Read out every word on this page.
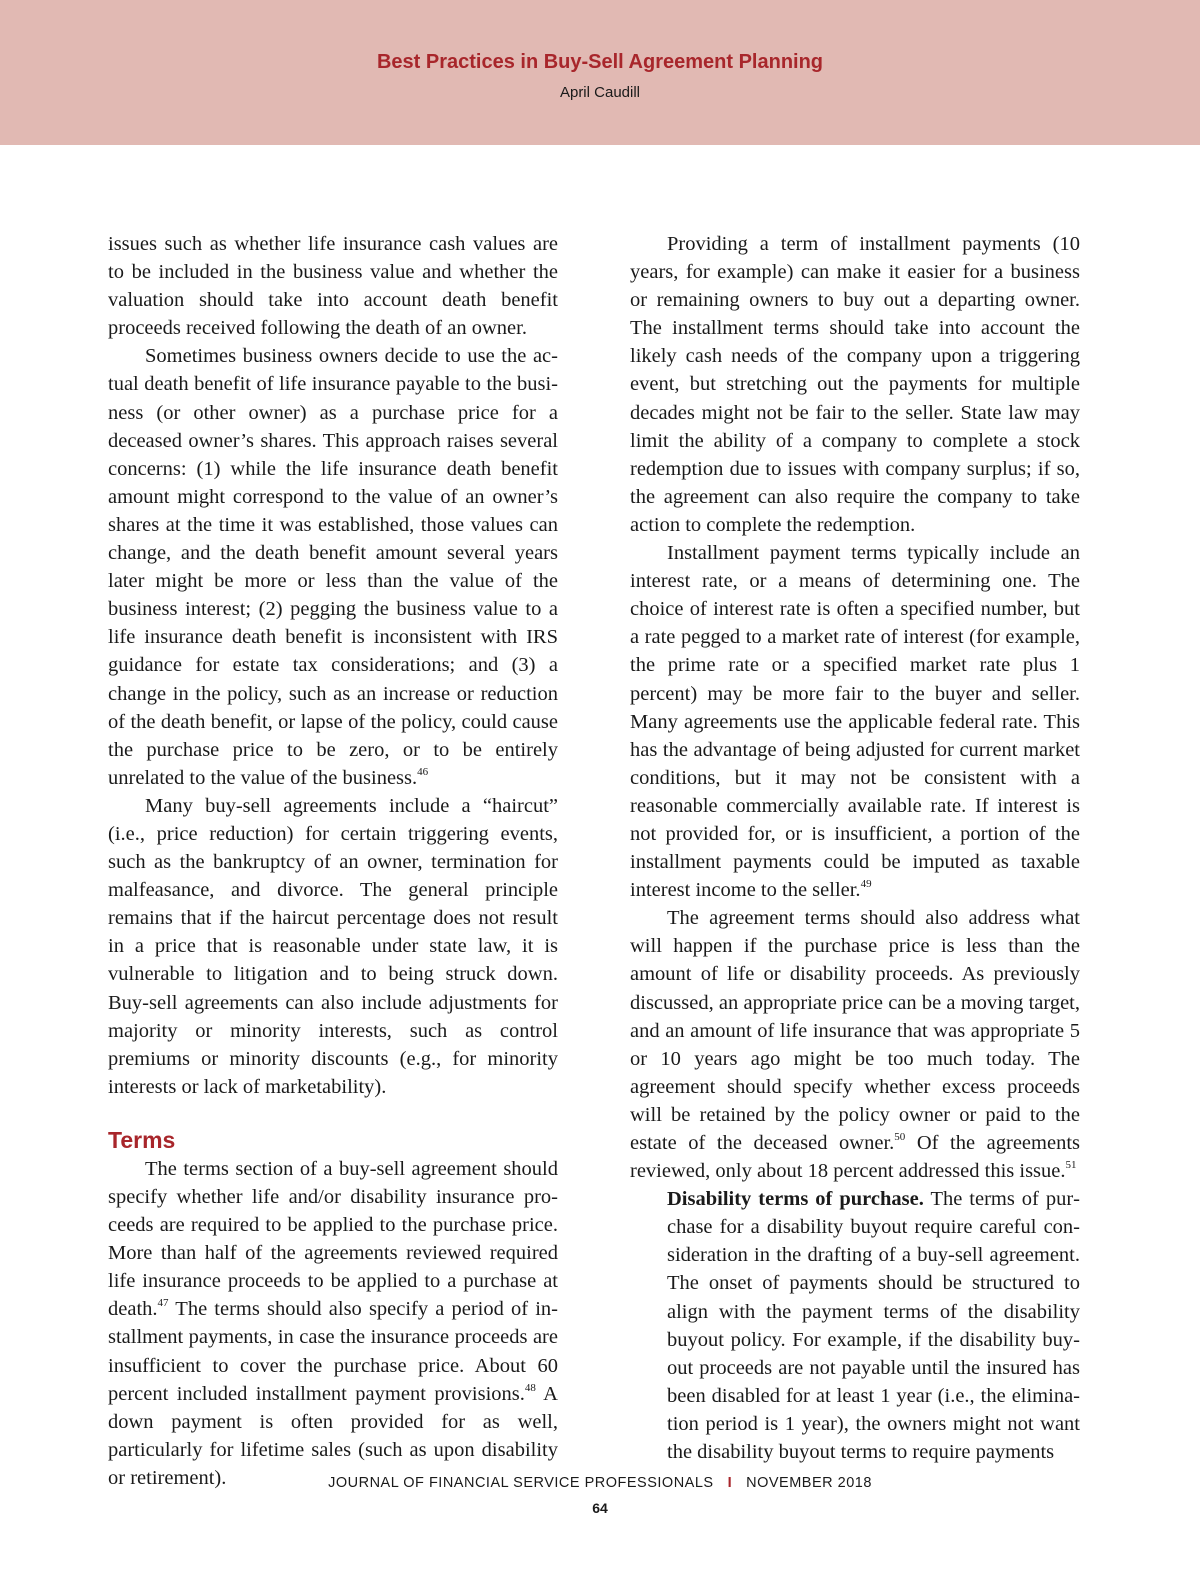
Best Practices in Buy-Sell Agreement Planning
April Caudill

issues such as whether life insurance cash values are to be included in the business value and whether the valuation should take into account death benefit proceeds received following the death of an owner.

Sometimes business owners decide to use the actual death benefit of life insurance payable to the business (or other owner) as a purchase price for a deceased owner’s shares. This approach raises several concerns: (1) while the life insurance death benefit amount might correspond to the value of an owner’s shares at the time it was established, those values can change, and the death benefit amount several years later might be more or less than the value of the business interest; (2) pegging the business value to a life insurance death benefit is inconsistent with IRS guidance for estate tax considerations; and (3) a change in the policy, such as an increase or reduction of the death benefit, or lapse of the policy, could cause the purchase price to be zero, or to be entirely unrelated to the value of the business.$^{46}$

Many buy-sell agreements include a “haircut” (i.e., price reduction) for certain triggering events, such as the bankruptcy of an owner, termination for malfeasance, and divorce. The general principle remains that if the haircut percentage does not result in a price that is reasonable under state law, it is vulnerable to litigation and to being struck down. Buy-sell agreements can also include adjustments for majority or minority interests, such as control premiums or minority discounts (e.g., for minority interests or lack of marketability).

Terms

The terms section of a buy-sell agreement should specify whether life and/or disability insurance proceeds are required to be applied to the purchase price. More than half of the agreements reviewed required life insurance proceeds to be applied to a purchase at death.$^{47}$ The terms should also specify a period of installment payments, in case the insurance proceeds are insufficient to cover the purchase price. About 60 percent included installment payment provisions.$^{48}$ A down payment is often provided for as well, particularly for lifetime sales (such as upon disability or retirement).

Providing a term of installment payments (10 years, for example) can make it easier for a business or remaining owners to buy out a departing owner. The installment terms should take into account the likely cash needs of the company upon a triggering event, but stretching out the payments for multiple decades might not be fair to the seller. State law may limit the ability of a company to complete a stock redemption due to issues with company surplus; if so, the agreement can also require the company to take action to complete the redemption.

Installment payment terms typically include an interest rate, or a means of determining one. The choice of interest rate is often a specified number, but a rate pegged to a market rate of interest (for example, the prime rate or a specified market rate plus 1 percent) may be more fair to the buyer and seller. Many agreements use the applicable federal rate. This has the advantage of being adjusted for current market conditions, but it may not be consistent with a reasonable commercially available rate. If interest is not provided for, or is insufficient, a portion of the installment payments could be imputed as taxable interest income to the seller.$^{49}$

The agreement terms should also address what will happen if the purchase price is less than the amount of life or disability proceeds. As previously discussed, an appropriate price can be a moving target, and an amount of life insurance that was appropriate 5 or 10 years ago might be too much today. The agreement should specify whether excess proceeds will be retained by the policy owner or paid to the estate of the deceased owner.$^{50}$ Of the agreements reviewed, only about 18 percent addressed this issue.$^{51}$

Disability terms of purchase. The terms of purchase for a disability buyout require careful consideration in the drafting of a buy-sell agreement. The onset of payments should be structured to align with the payment terms of the disability buyout policy. For example, if the disability buyout proceeds are not payable until the insured has been disabled for at least 1 year (i.e., the elimination period is 1 year), the owners might not want the disability buyout terms to require payments

JOURNAL OF FINANCIAL SERVICE PROFESSIONALS I NOVEMBER 2018
64
